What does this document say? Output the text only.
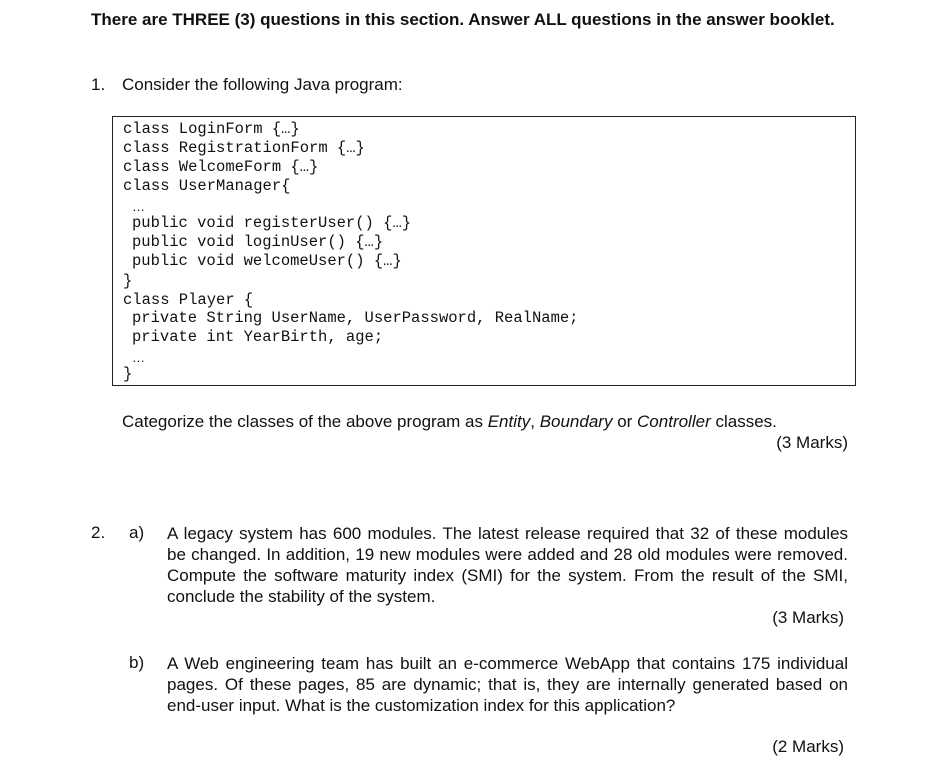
There are THREE (3) questions in this section. Answer ALL questions in the answer booklet.
1. Consider the following Java program:
class LoginForm {…}
class RegistrationForm {…}
class WelcomeForm {…}
class UserManager{
…
public void registerUser() {…}
public void loginUser() {…}
public void welcomeUser() {…}
}
class Player {
private String UserName, UserPassword, RealName;
private int YearBirth, age;
…
}
Categorize the classes of the above program as Entity, Boundary or Controller classes.
(3 Marks)
2. a) A legacy system has 600 modules. The latest release required that 32 of these modules be changed. In addition, 19 new modules were added and 28 old modules were removed. Compute the software maturity index (SMI) for the system. From the result of the SMI, conclude the stability of the system.
(3 Marks)
b) A Web engineering team has built an e-commerce WebApp that contains 175 individual pages. Of these pages, 85 are dynamic; that is, they are internally generated based on end-user input. What is the customization index for this application?
(2 Marks)
